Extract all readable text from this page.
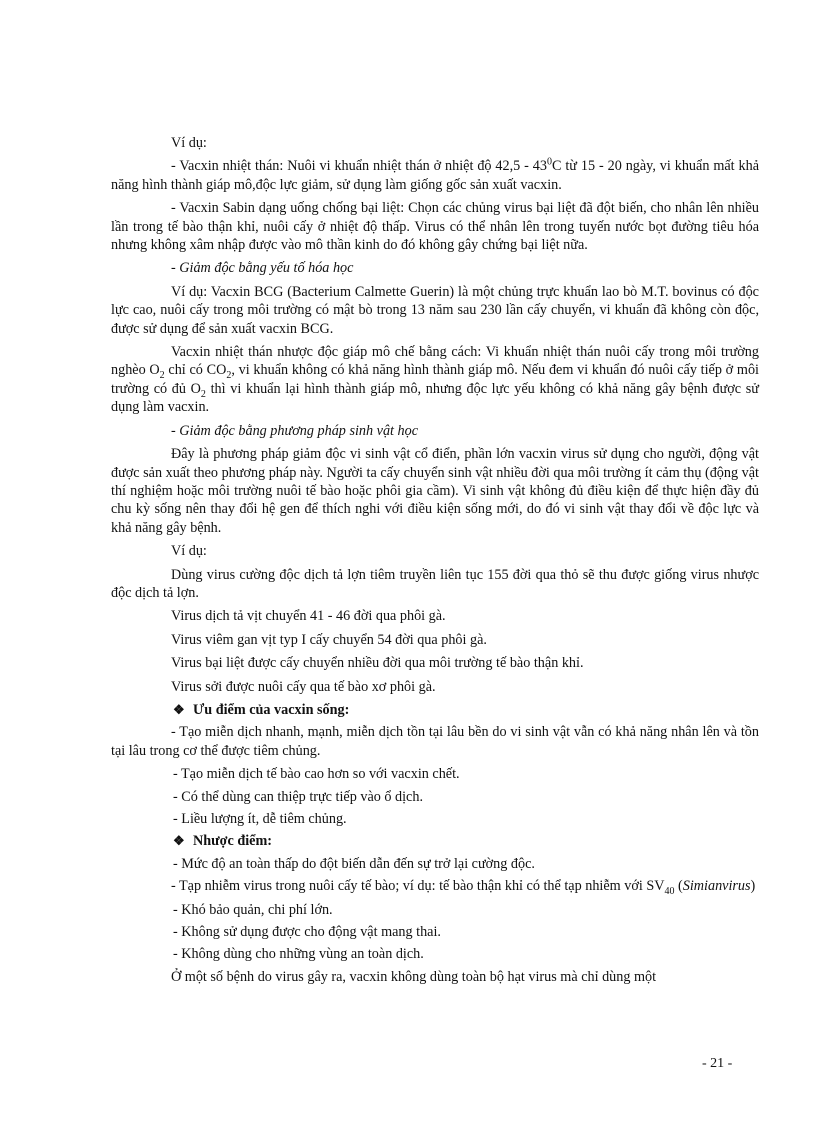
Ví dụ:

- Vacxin nhiệt thán: Nuôi vi khuẩn nhiệt thán ở nhiệt độ $42,5 - 43^0C$ từ 15 - 20 ngày, vi khuẩn mất khả năng hình thành giáp mô,độc lực giảm, sử dụng làm giống gốc sản xuất vacxin.

- Vacxin Sabin dạng uống chống bại liệt: Chọn các chủng virus bại liệt đã đột biến, cho nhân lên nhiều lần trong tế bào thận khỉ, nuôi cấy ở nhiệt độ thấp. Virus có thể nhân lên trong tuyến nước bọt đường tiêu hóa nhưng không xâm nhập được vào mô thần kinh do đó không gây chứng bại liệt nữa.

- Giảm độc bằng yếu tố hóa học

Ví dụ: Vacxin BCG (Bacterium Calmette Guerin) là một chủng trực khuẩn lao bò M.T. bovinus có độc lực cao, nuôi cấy trong môi trường có mật bò trong 13 năm sau 230 lần cấy chuyển, vi khuẩn đã không còn độc, được sử dụng để sản xuất vacxin BCG.

Vacxin nhiệt thán nhược độc giáp mô chế bằng cách: Vi khuẩn nhiệt thán nuôi cấy trong môi trường nghèo $O_2$ chỉ có $CO_2$, vi khuẩn không có khả năng hình thành giáp mô. Nếu đem vi khuẩn đó nuôi cấy tiếp ở môi trường có đủ $O_2$ thì vi khuẩn lại hình thành giáp mô, nhưng độc lực yếu không có khả năng gây bệnh được sử dụng làm vacxin.

- Giảm độc bằng phương pháp sinh vật học

Đây là phương pháp giảm độc vi sinh vật cổ điển, phần lớn vacxin virus sử dụng cho người, động vật được sản xuất theo phương pháp này. Người ta cấy chuyển sinh vật nhiều đời qua môi trường ít cảm thụ (động vật thí nghiệm hoặc môi trường nuôi tế bào hoặc phôi gia cầm). Vi sinh vật không đủ điều kiện để thực hiện đầy đủ chu kỳ sống nên thay đổi hệ gen để thích nghi với điều kiện sống mới, do đó vi sinh vật thay đổi về độc lực và khả năng gây bệnh.

Ví dụ:

Dùng virus cường độc dịch tả lợn tiêm truyền liên tục 155 đời qua thỏ sẽ thu được giống virus nhược độc dịch tả lợn.

Virus dịch tả vịt chuyển 41 - 46 đời qua phôi gà.

Virus viêm gan vịt typ I cấy chuyển 54 đời qua phôi gà.

Virus bại liệt được cấy chuyển nhiều đời qua môi trường tế bào thận khỉ.

Virus sởi được nuôi cấy qua tế bào xơ phôi gà.

❖ Ưu điểm của vacxin sống:

- Tạo miễn dịch nhanh, mạnh, miễn dịch tồn tại lâu bền do vi sinh vật vẫn có khả năng nhân lên và tồn tại lâu trong cơ thể được tiêm chủng.

- Tạo miễn dịch tế bào cao hơn so với vacxin chết.

- Có thể dùng can thiệp trực tiếp vào ổ dịch.

- Liều lượng ít, dễ tiêm chủng.

❖ Nhược điểm:

- Mức độ an toàn thấp do đột biến dẫn đến sự trở lại cường độc.

- Tạp nhiễm virus trong nuôi cấy tế bào; ví dụ: tế bào thận khỉ có thể tạp nhiễm với $SV_{40}$ (Simianvirus)

- Khó bảo quản, chi phí lớn.

- Không sử dụng được cho động vật mang thai.

- Không dùng cho những vùng an toàn dịch.

Ở một số bệnh do virus gây ra, vacxin không dùng toàn bộ hạt virus mà chỉ dùng một

- 21 -
